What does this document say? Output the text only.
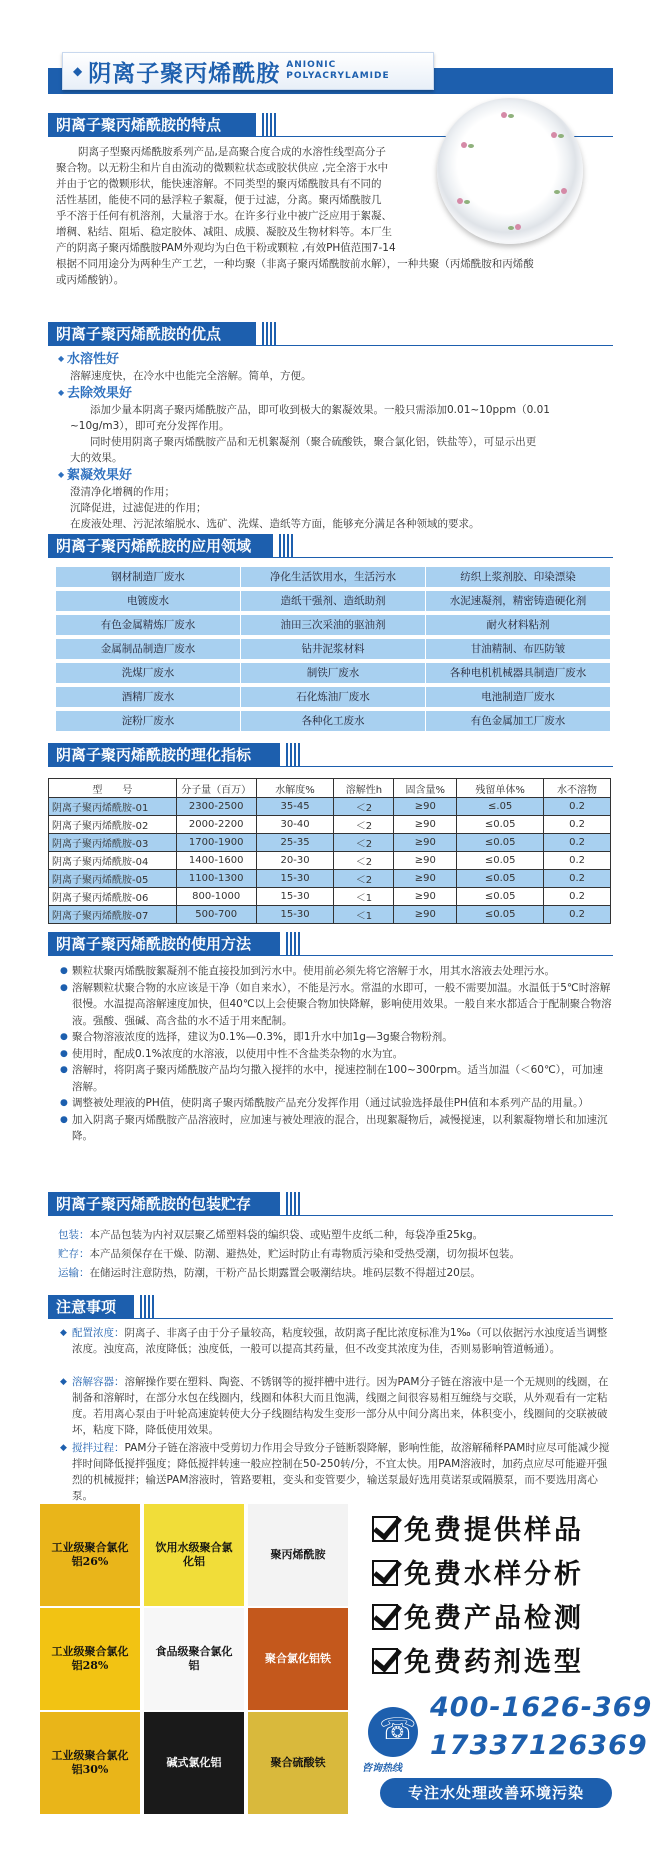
◆ 阴离子聚丙烯酰胺 ANIONIC
POLYACRYLAMIDE
阴离子聚丙烯酰胺的特点
阴离子型聚丙烯酰胺系列产品,是高聚合度合成的水溶性线型高分子
聚合物。以无粉尘和片自由流动的微颗粒状态或胶状供应 ,完全溶于水中
并由于它的微颗形状，能快速溶解。不同类型的聚丙烯酰胺具有不同的
活性基团，能使不同的悬浮粒子絮凝，便于过滤，分离。聚丙烯酰胺几
乎不溶于任何有机溶剂，大量溶于水。在许多行业中被广泛应用于絮凝、
增稠、粘结、阻垢、稳定胶体、减阻、成膜、凝胶及生物材料等。本厂生
产的阴离子聚丙烯酰胺PAM外观均为白色干粉或颗粒 ,有效PH值范围7-14
根据不同用途分为两种生产工艺，一种均聚（非离子聚丙烯酰胺前水解），一种共聚（丙烯酰胺和丙烯酸
或丙烯酸钠）。
阴离子聚丙烯酰胺的优点
◆ 水溶性好
溶解速度快，在冷水中也能完全溶解。简单，方便。
◆ 去除效果好
添加少量本阴离子聚丙烯酰胺产品，即可收到极大的絮凝效果。一般只需添加0.01~10ppm（0.01
~10g/m3），即可充分发挥作用。
同时使用阴离子聚丙烯酰胺产品和无机絮凝剂（聚合硫酸铁，聚合氯化铝，铁盐等），可显示出更
大的效果。
◆ 絮凝效果好
澄清净化增稠的作用；
沉降促进，过滤促进的作用；
在废液处理、污泥浓缩脱水、选矿、洗煤、造纸等方面，能够充分满足各种领域的要求。
阴离子聚丙烯酰胺的应用领域
钢材制造厂废水	净化生活饮用水，生活污水	纺织上浆剂胶、印染漂染
电镀废水	造纸干强剂、造纸助剂	水泥速凝剂，精密铸造硬化剂
有色金属精炼厂废水	油田三次采油的驱油剂	耐火材料粘剂
金属制品制造厂废水	钻井泥浆材料	甘油精制、布匹防皱
洗煤厂废水	制铁厂废水	各种电机机械器具制造厂废水
酒精厂废水	石化炼油厂废水	电池制造厂废水
淀粉厂废水	各种化工废水	有色金属加工厂废水
阴离子聚丙烯酰胺的理化指标
型　　号	分子量（百万）	水解度%	溶解性h	固含量%	残留单体%	水不溶物
阴离子聚丙烯酰胺-01	2300-2500	35-45	＜2	≥90	≤.05	0.2
阴离子聚丙烯酰胺-02	2000-2200	30-40	＜2	≥90	≤0.05	0.2
阴离子聚丙烯酰胺-03	1700-1900	25-35	＜2	≥90	≤0.05	0.2
阴离子聚丙烯酰胺-04	1400-1600	20-30	＜2	≥90	≤0.05	0.2
阴离子聚丙烯酰胺-05	1100-1300	15-30	＜2	≥90	≤0.05	0.2
阴离子聚丙烯酰胺-06	800-1000	15-30	＜1	≥90	≤0.05	0.2
阴离子聚丙烯酰胺-07	500-700	15-30	＜1	≥90	≤0.05	0.2
阴离子聚丙烯酰胺的使用方法
● 颗粒状聚丙烯酰胺絮凝剂不能直接投加到污水中。使用前必须先将它溶解于水，用其水溶液去处理污水。
● 溶解颗粒状聚合物的水应该是干净（如自来水），不能是污水。常温的水即可，一般不需要加温。水温低于5℃时溶解很慢。水温提高溶解速度加快，但40℃以上会使聚合物加快降解，影响使用效果。一般自来水都适合于配制聚合物溶液。强酸、强碱、高含盐的水不适于用来配制。
● 聚合物溶液浓度的选择，建议为0.1%—0.3%，即1升水中加1g—3g聚合物粉剂。
● 使用时，配成0.1%浓度的水溶液，以使用中性不含盐类杂物的水为宜。
● 溶解时，将阴离子聚丙烯酰胺产品均匀撒入搅拌的水中，搅速控制在100~300rpm。适当加温（＜60℃），可加速溶解。
● 调整被处理液的PH值，使阴离子聚丙烯酰胺产品充分发挥作用（通过试验选择最佳PH值和本系列产品的用量。）
● 加入阴离子聚丙烯酰胺产品溶液时，应加速与被处理液的混合，出现絮凝物后，减慢搅速，以利絮凝物增长和加速沉降。
阴离子聚丙烯酰胺的包装贮存
包装：本产品包装为内衬双层聚乙烯塑料袋的编织袋、或贴塑牛皮纸二种，每袋净重25kg。
贮存：本产品须保存在干燥、防潮、避热处，贮运时防止有毒物质污染和受热受潮，切勿损坏包装。
运输：在储运时注意防热，防潮，干粉产品长期露置会吸潮结块。堆码层数不得超过20层。
注意事项
◆ 配置浓度：阴离子、非离子由于分子量较高，粘度较强，故阴离子配比浓度标准为1‰（可以依据污水浊度适当调整浓度。浊度高，浓度降低；浊度低，一般可以提高其药量，但不改变其浓度为佳，否则易影响管道畅通）。
◆ 溶解容器：溶解操作要在塑料、陶瓷、不锈钢等的搅拌槽中进行。因为PAM分子链在溶液中是一个无规则的线圈，在制备和溶解时，在部分水包在线圈内，线圈和体积大而且饱满，线圈之间很容易相互缠绕与交联，从外观看有一定粘度。若用离心泵由于叶轮高速旋转使大分子线圈结构发生变形一部分从中间分离出来，体积变小，线圈间的交联被破坏，粘度下降，降低使用效果。
◆ 搅拌过程：PAM分子链在溶液中受剪切力作用会导致分子链断裂降解，影响性能，故溶解稀释PAM时应尽可能减少搅拌时间降低搅拌强度；降低搅拌转速一般应控制在50-250转/分，不宜太快。用PAM溶液时，加药点应尽可能避开强烈的机械搅拌；输送PAM溶液时，管路要粗，变头和变管要少，输送泵最好选用莫诺泵或隔膜泵，而不要选用离心泵。
工业级聚合氯化铝26%
饮用水级聚合氯化铝
聚丙烯酰胺
工业级聚合氯化铝28%
食品级聚合氯化铝
聚合氯化铝铁
工业级聚合氯化铝30%
碱式氯化铝	聚合硫酸铁
免费提供样品
免费水样分析
免费产品检测
免费药剂选型
☏
咨询热线
400-1626-369
17337126369
专注水处理改善环境污染
